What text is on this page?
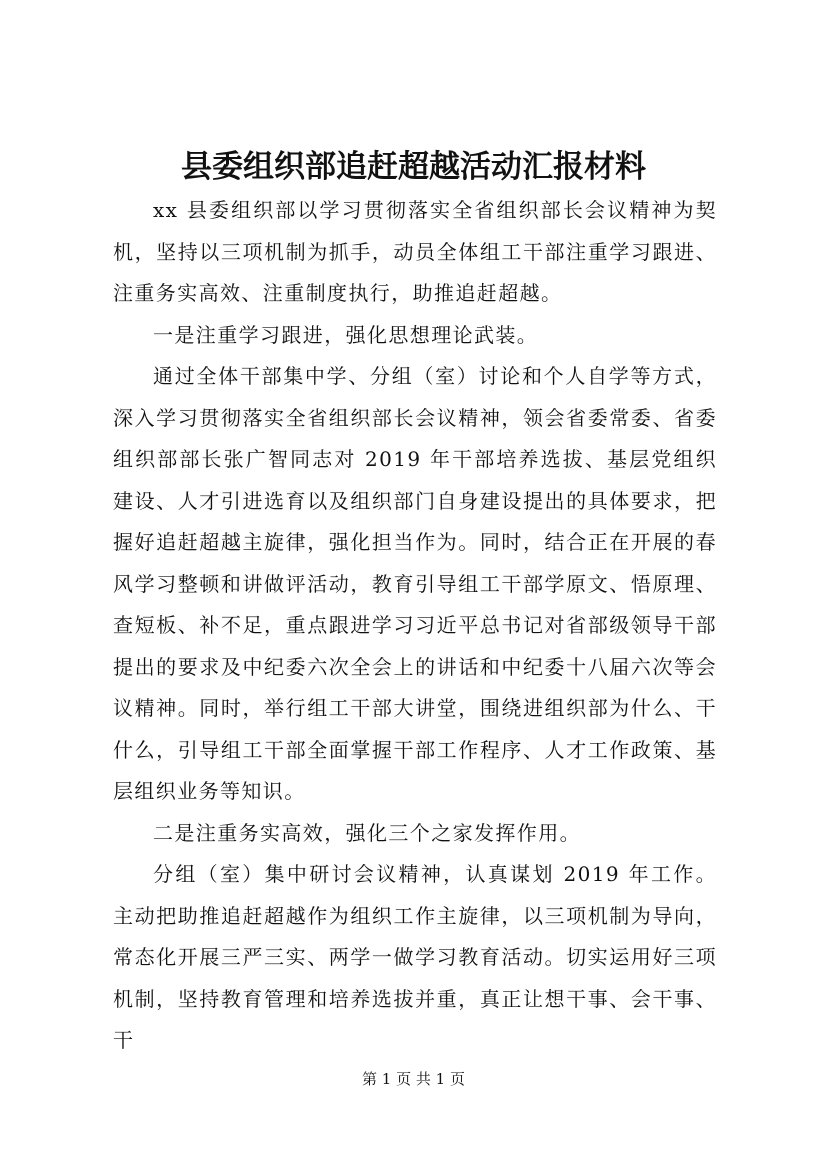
县委组织部追赶超越活动汇报材料

xx 县委组织部以学习贯彻落实全省组织部长会议精神为契机，坚持以三项机制为抓手，动员全体组工干部注重学习跟进、注重务实高效、注重制度执行，助推追赶超越。

一是注重学习跟进，强化思想理论武装。

通过全体干部集中学、分组（室）讨论和个人自学等方式，深入学习贯彻落实全省组织部长会议精神，领会省委常委、省委组织部部长张广智同志对 2019 年干部培养选拔、基层党组织建设、人才引进选育以及组织部门自身建设提出的具体要求，把握好追赶超越主旋律，强化担当作为。同时，结合正在开展的春风学习整顿和讲做评活动，教育引导组工干部学原文、悟原理、查短板、补不足，重点跟进学习习近平总书记对省部级领导干部提出的要求及中纪委六次全会上的讲话和中纪委十八届六次等会议精神。同时，举行组工干部大讲堂，围绕进组织部为什么、干什么，引导组工干部全面掌握干部工作程序、人才工作政策、基层组织业务等知识。

二是注重务实高效，强化三个之家发挥作用。

分组（室）集中研讨会议精神，认真谋划 2019 年工作。主动把助推追赶超越作为组织工作主旋律，以三项机制为导向，常态化开展三严三实、两学一做学习教育活动。切实运用好三项机制，坚持教育管理和培养选拔并重，真正让想干事、会干事、干

第 1 页 共 1 页
